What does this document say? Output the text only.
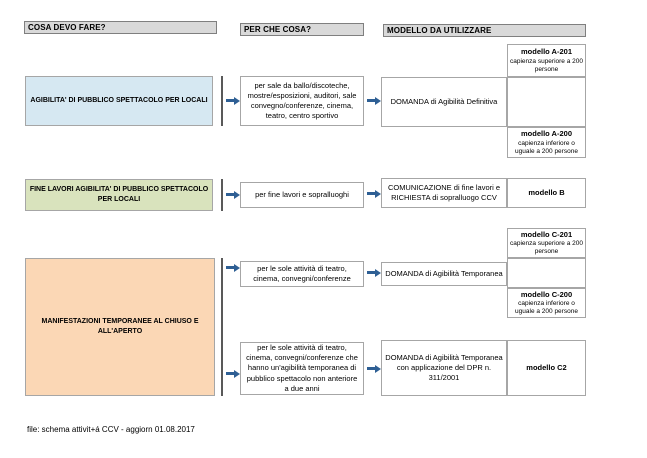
COSA DEVO FARE?	PER CHE COSA?	MODELLO DA UTILIZZARE
AGIBILITA' DI PUBBLICO SPETTACOLO PER LOCALI
per sale da ballo/discoteche, mostre/esposizioni, auditori, sale convegno/conferenze, cinema, teatro, centro sportivo
DOMANDA di Agibilità Definitiva
modello A-201
capienza superiore a 200 persone
modello A-200
capienza inferiore o uguale a 200 persone
FINE LAVORI AGIBILITA' DI PUBBLICO SPETTACOLO PER LOCALI
per fine lavori e sopralluoghi
COMUNICAZIONE di fine lavori e RICHIESTA di sopralluogo CCV
modello B
MANIFESTAZIONI TEMPORANEE AL CHIUSO E ALL'APERTO
per le sole attività di teatro, cinema, convegni/conferenze
modello C-201
capienza superiore a 200 persone
DOMANDA di Agibilità Temporanea
modello C-200
capienza inferiore o uguale a 200 persone
per le sole attività di teatro, cinema, convegni/conferenze che hanno un'agibilità temporanea di pubblico spettacolo non anteriore a due anni
DOMANDA di Agibilità Temporanea con applicazione del DPR n. 311/2001
modello C2
file: schema attivit+á CCV - aggiorn 01.08.2017
